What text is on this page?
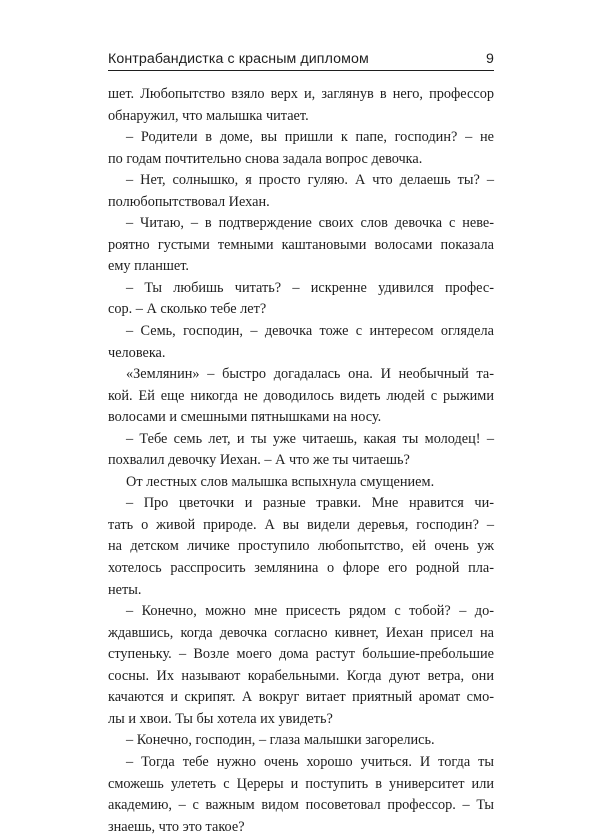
Контрабандистка с красным дипломом	9
шет. Любопытство взяло верх и, заглянув в него, профессор
обнаружил, что малышка читает.
– Родители в доме, вы пришли к папе, господин? – не
по годам почтительно снова задала вопрос девочка.
– Нет, солнышко, я просто гуляю. А что делаешь ты? –
полюбопытствовал Иехан.
– Читаю, – в подтверждение своих слов девочка с неве-
роятно густыми темными каштановыми волосами показала
ему планшет.
– Ты любишь читать? – искренне удивился профес-
сор. – А сколько тебе лет?
– Семь, господин, – девочка тоже с интересом оглядела
человека.
«Землянин» – быстро догадалась она. И необычный та-
кой. Ей еще никогда не доводилось видеть людей с рыжими
волосами и смешными пятнышками на носу.
– Тебе семь лет, и ты уже читаешь, какая ты молодец! –
похвалил девочку Иехан. – А что же ты читаешь?
От лестных слов малышка вспыхнула смущением.
– Про цветочки и разные травки. Мне нравится чи-
тать о живой природе. А вы видели деревья, господин? –
на детском личике проступило любопытство, ей очень уж
хотелось расспросить землянина о флоре его родной пла-
неты.
– Конечно, можно мне присесть рядом с тобой? – до-
ждавшись, когда девочка согласно кивнет, Иехан присел на
ступеньку. – Возле моего дома растут большие-пребольшие
сосны. Их называют корабельными. Когда дуют ветра, они
качаются и скрипят. А вокруг витает приятный аромат смо-
лы и хвои. Ты бы хотела их увидеть?
– Конечно, господин, – глаза малышки загорелись.
– Тогда тебе нужно очень хорошо учиться. И тогда ты
сможешь улететь с Цереры и поступить в университет или
академию, – с важным видом посоветовал профессор. – Ты
знаешь, что это такое?
